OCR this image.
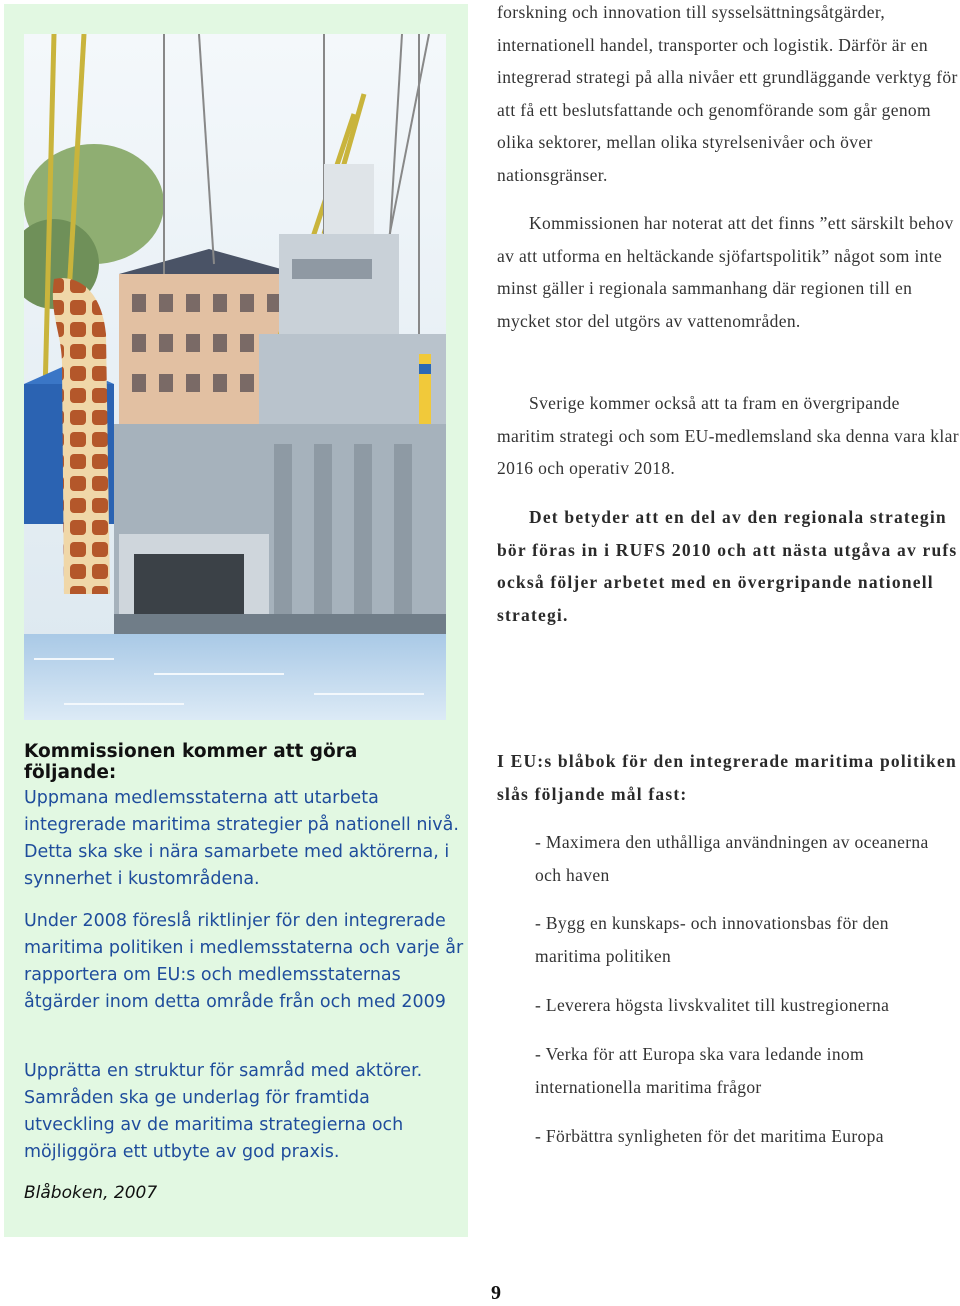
Kommissionen kommer att göra följande:
Uppmana medlemsstaterna att utarbeta integrerade maritima strategier på nationell nivå. Detta ska ske i nära samarbete med aktörerna, i synnerhet i kustområdena.
Under 2008 föreslå riktlinjer för den integrerade maritima politiken i medlemsstaterna och varje år rapportera om EU:s och medlemsstaternas åtgärder inom detta område från och med 2009
Upprätta en struktur för samråd med aktörer. Samråden ska ge underlag för framtida utveckling av de maritima strategierna och möjliggöra ett utbyte av god praxis.
Blåboken, 2007
forskning och innovation till sysselsättningsåtgärder, internationell handel, transporter och logistik. Därför är en integrerad strategi på alla nivåer ett grundläggande verktyg för att få ett beslutsfattande och genomförande som går genom olika sektorer, mellan olika styrelsenivåer och över nationsgränser.
Kommissionen har noterat att det finns ”ett särskilt behov av att utforma en heltäckande sjöfartspolitik” något som inte minst gäller i regionala sammanhang där regionen till en mycket stor del utgörs av vattenområden.
Sverige kommer också att ta fram en övergripande maritim strategi och som EU-medlemsland ska denna vara klar 2016 och operativ 2018.
Det betyder att en del av den regionala strategin bör föras in i RUFS 2010 och att nästa utgåva av rufs också följer arbetet med en övergripande nationell strategi.
I EU:s blåbok för den integrerade maritima politiken slås följande mål fast:
- Maximera den uthålliga användningen av oceanerna och haven
- Bygg en kunskaps- och innovationsbas för den maritima politiken
- Leverera högsta livskvalitet till kustregionerna
- Verka för att Europa ska vara ledande inom internationella maritima frågor
- Förbättra synligheten för det maritima Europa
9
